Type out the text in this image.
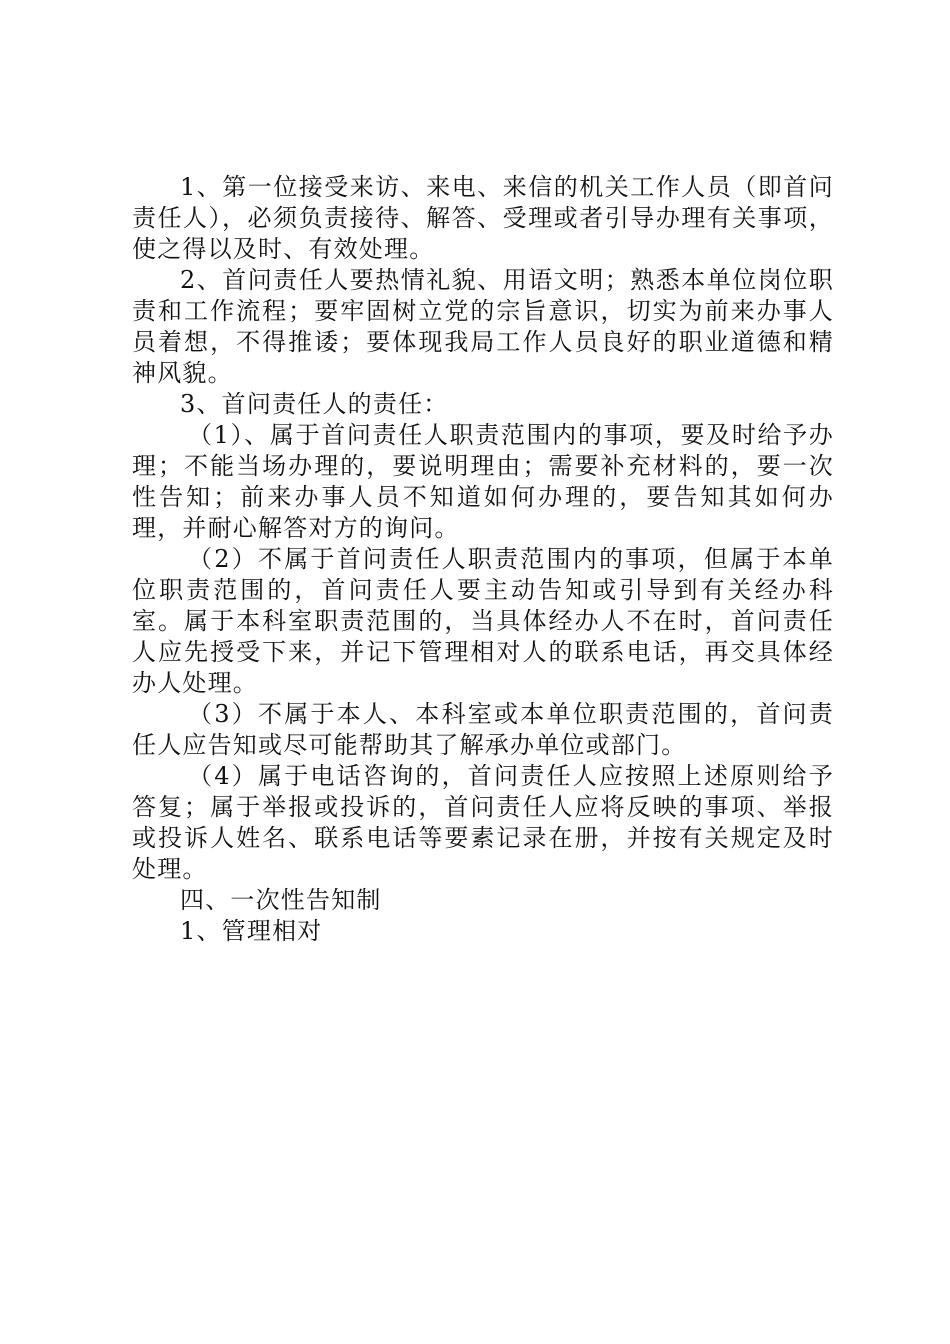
1、第一位接受来访、来电、来信的机关工作人员（即首问责任人），必须负责接待、解答、受理或者引导办理有关事项，使之得以及时、有效处理。

2、首问责任人要热情礼貌、用语文明；熟悉本单位岗位职责和工作流程；要牢固树立党的宗旨意识，切实为前来办事人员着想，不得推诿；要体现我局工作人员良好的职业道德和精神风貌。

3、首问责任人的责任：

（1）、属于首问责任人职责范围内的事项，要及时给予办理；不能当场办理的，要说明理由；需要补充材料的，要一次性告知；前来办事人员不知道如何办理的，要告知其如何办理，并耐心解答对方的询问。

（2）不属于首问责任人职责范围内的事项，但属于本单位职责范围的，首问责任人要主动告知或引导到有关经办科室。属于本科室职责范围的，当具体经办人不在时，首问责任人应先授受下来，并记下管理相对人的联系电话，再交具体经办人处理。

（3）不属于本人、本科室或本单位职责范围的，首问责任人应告知或尽可能帮助其了解承办单位或部门。

（4）属于电话咨询的，首问责任人应按照上述原则给予答复；属于举报或投诉的，首问责任人应将反映的事项、举报或投诉人姓名、联系电话等要素记录在册，并按有关规定及时处理。

四、一次性告知制

1、管理相对
